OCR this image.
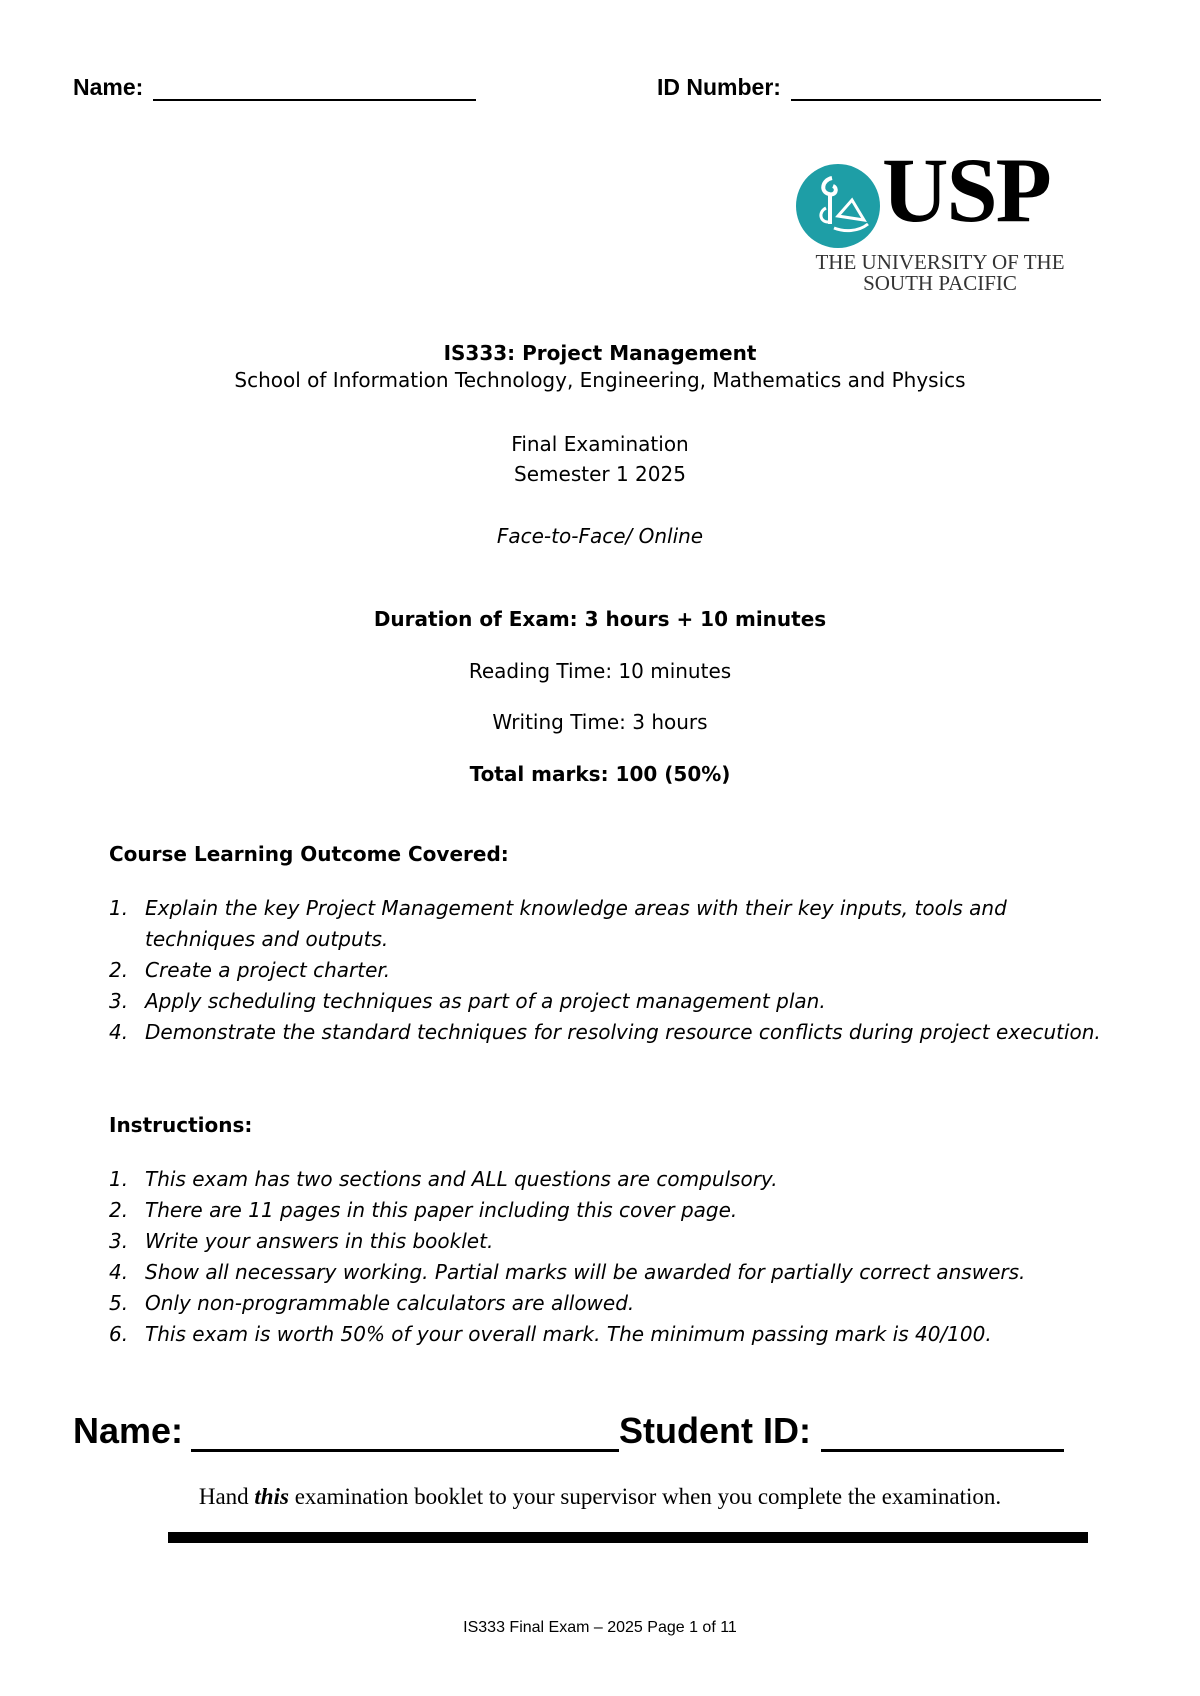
Name:	ID Number:
USP
THE UNIVERSITY OF THE
SOUTH PACIFIC
IS333: Project Management
School of Information Technology, Engineering, Mathematics and Physics
Final Examination
Semester 1 2025
Face-to-Face/ Online
Duration of Exam: 3 hours + 10 minutes
Reading Time: 10 minutes
Writing Time: 3 hours
Total marks: 100 (50%)
Course Learning Outcome Covered:
1. Explain the key Project Management knowledge areas with their key inputs, tools and techniques and outputs.
2. Create a project charter.
3. Apply scheduling techniques as part of a project management plan.
4. Demonstrate the standard techniques for resolving resource conflicts during project execution.
Instructions:
1. This exam has two sections and ALL questions are compulsory.
2. There are 11 pages in this paper including this cover page.
3. Write your answers in this booklet.
4. Show all necessary working. Partial marks will be awarded for partially correct answers.
5. Only non-programmable calculators are allowed.
6. This exam is worth 50% of your overall mark. The minimum passing mark is 40/100.
Name:	Student ID:
Hand this examination booklet to your supervisor when you complete the examination.
IS333 Final Exam – 2025 Page 1 of 11
